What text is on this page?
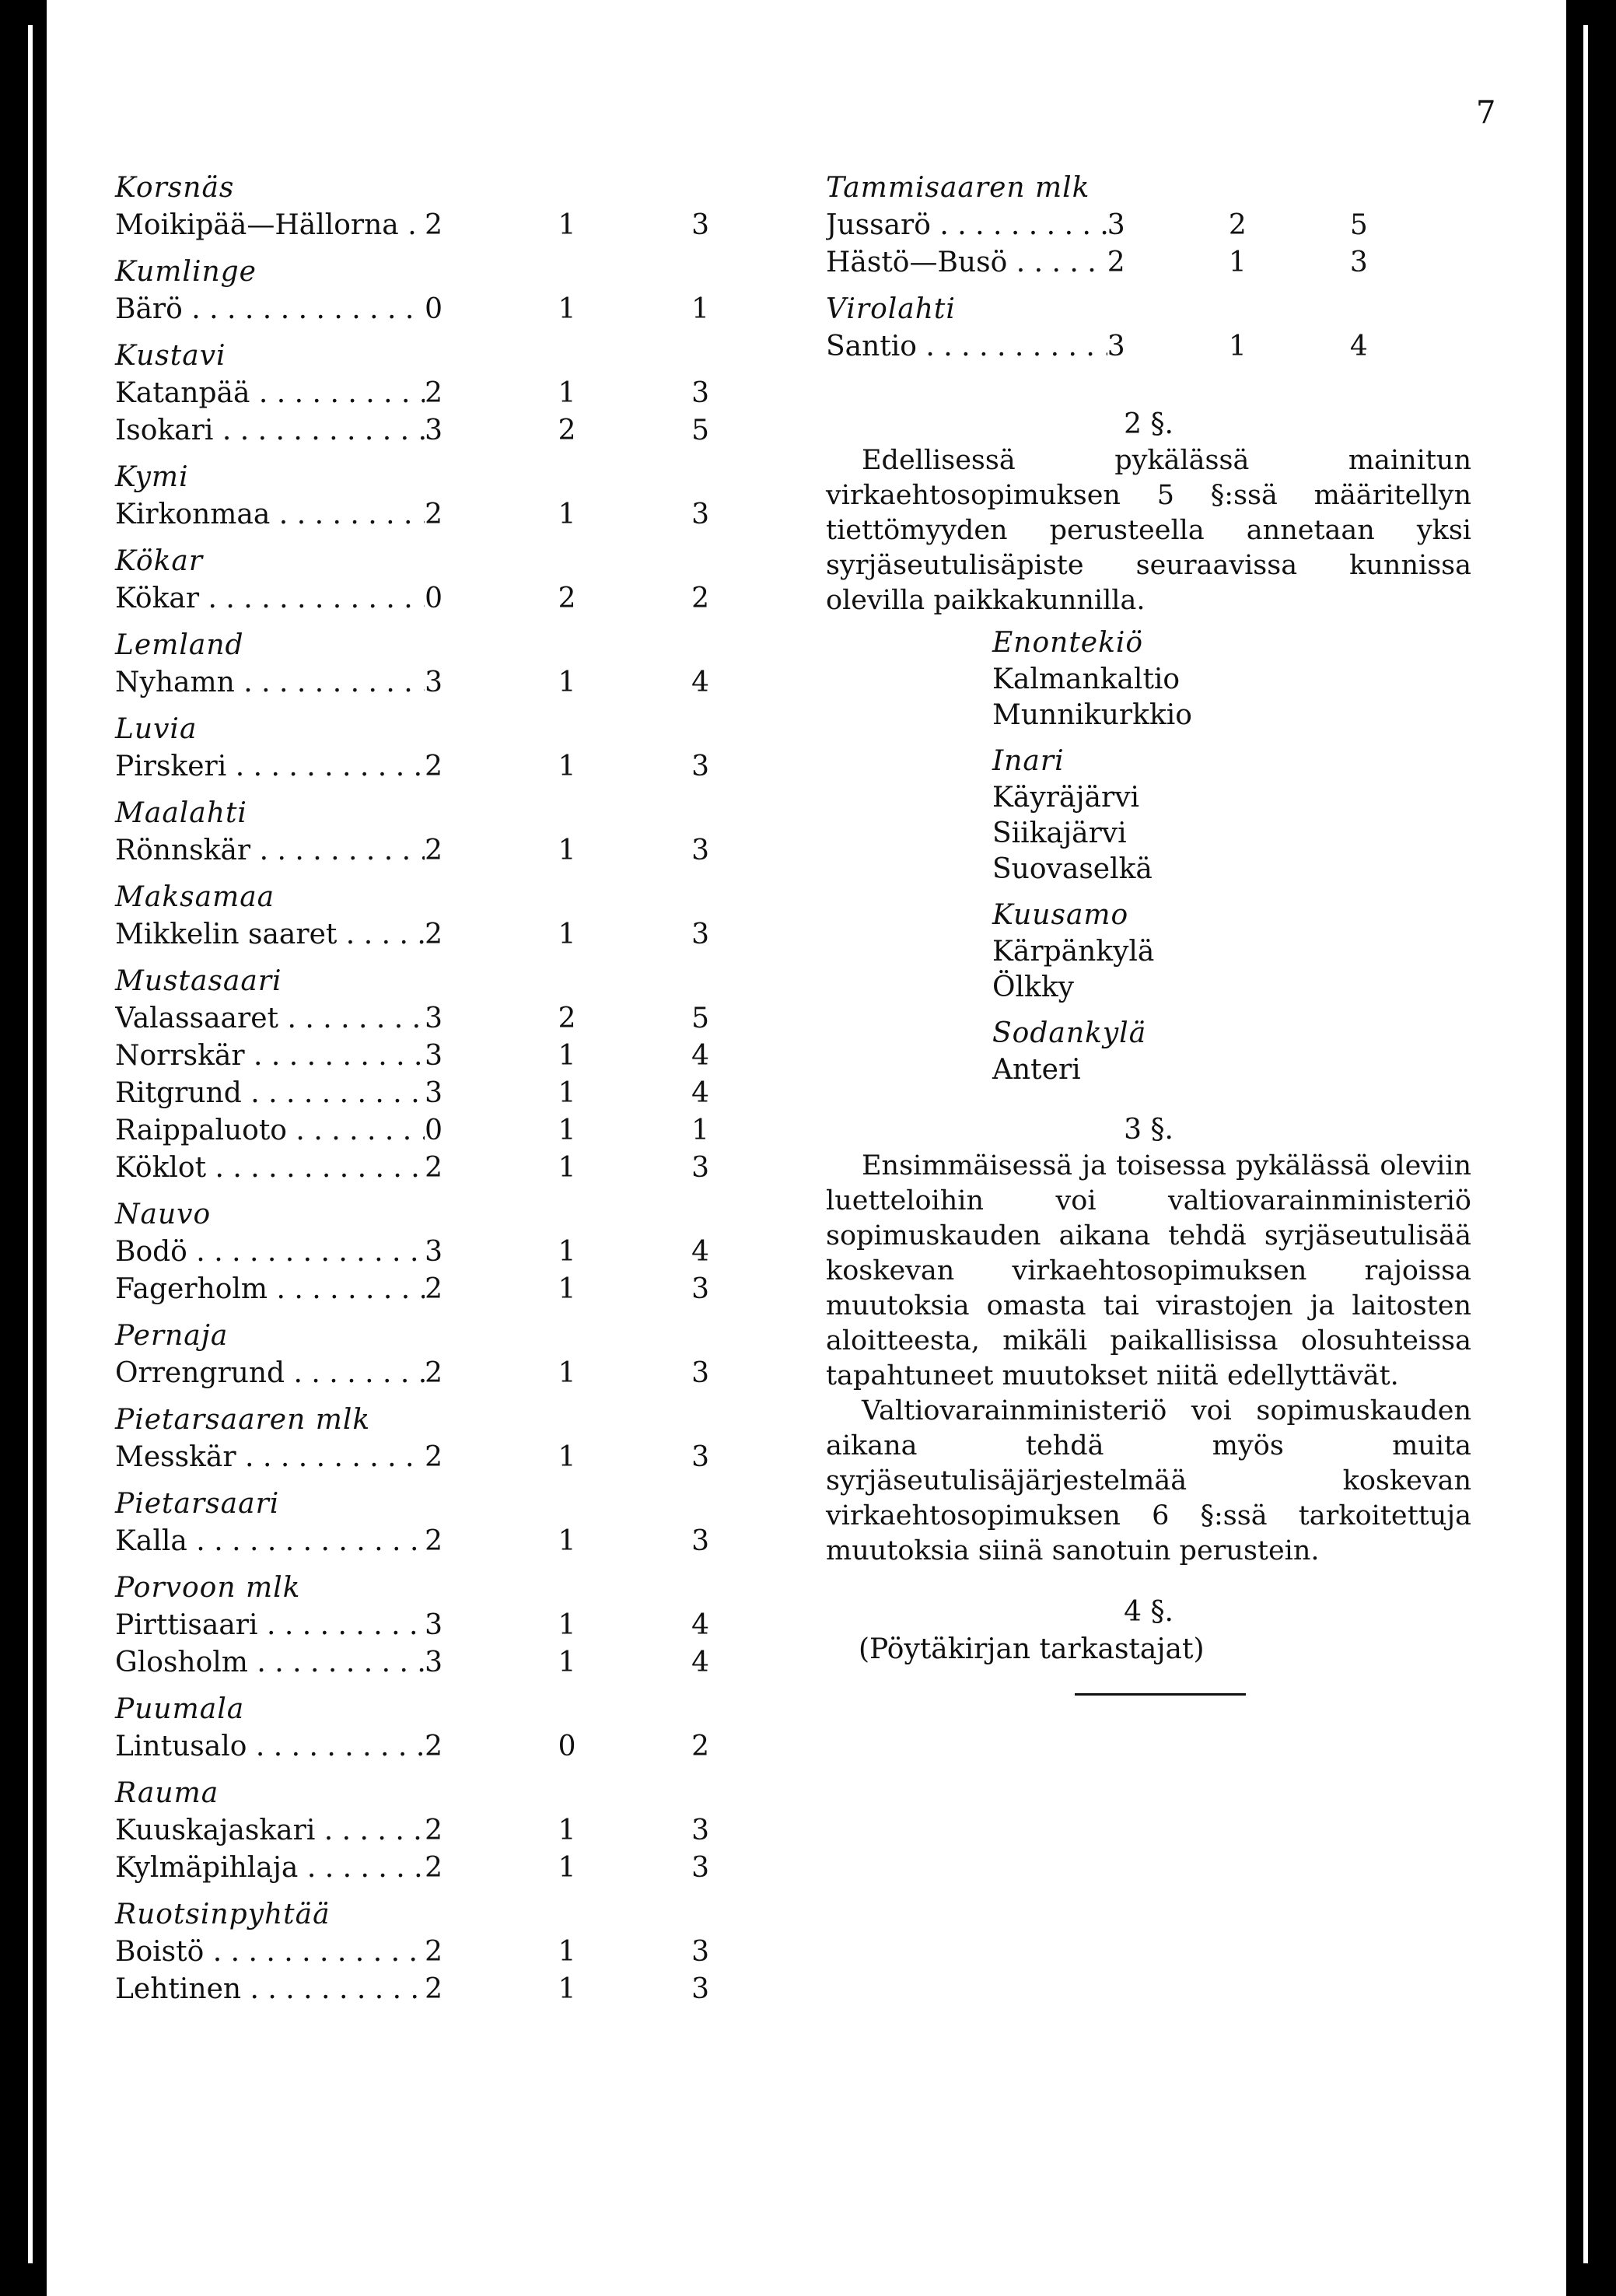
7
Korsnäs
Moikipää—Hällorna . . . 2	1	3
Kumlinge
Bärö . . .	0	1	1
Kustavi
Katanpää . . .	2	1	3
Isokari . . .	3	2	5
Kymi
Kirkonmaa . . .	2	1	3
Kökar
Kökar . . .	0	2	2
Lemland
Nyhamn . . .	3	1	4
Luvia
Pirskeri . . .	2	1	3
Maalahti
Rönnskär . . .	2	1	3
Maksamaa
Mikkelin saaret . . .	2	1	3
Mustasaari
Valassaaret . . .	3	2	5
Norrskär . . .	3	1	4
Ritgrund . . .	3	1	4
Raippaluoto . . .	0	1	1
Köklot . . .	2	1	3
Nauvo
Bodö . . .	3	1	4
Fagerholm . . .	2	1	3
Pernaja
Orrengrund . . .	2	1	3
Pietarsaaren mlk
Messkär . . .	2	1	3
Pietarsaari
Kalla . . .	2	1	3
Porvoon mlk
Pirttisaari . . .	3	1	4
Glosholm . . .	3	1	4
Puumala
Lintusalo . . .	2	0	2
Rauma
Kuuskajaskari . . .	2	1	3
Kylmäpihlaja . . .	2	1	3
Ruotsinpyhtää
Boistö . . .	2	1	3
Lehtinen . . .	2	1	3
Tammisaaren mlk
Jussarö . . .	3	2	5
Hästö—Busö . . .	2	1	3
Virolahti
Santio . . .	3	1	4
2 §.

Edellisessä pykälässä mainitun virkaehtosopimuksen 5 §:ssä määritellyn tiettömyyden perusteella annetaan yksi syrjäseutulisäpiste seuraavissa kunnissa olevilla paikkakunnilla.

Enontekiö
Kalmankaltio
Munnikurkkio
Inari
Käyräjärvi
Siikajärvi
Suovaselkä
Kuusamo
Kärpänkylä
Ölkky
Sodankylä
Anteri
3 §.

Ensimmäisessä ja toisessa pykälässä oleviin luetteloihin voi valtiovarainministeriö sopimuskauden aikana tehdä syrjäseutulisää koskevan virkaehtosopimuksen rajoissa muutoksia omasta tai virastojen ja laitosten aloitteesta, mikäli paikallisissa olosuhteissa tapahtuneet muutokset niitä edellyttävät.

Valtiovarainministeriö voi sopimuskauden aikana tehdä myös muita syrjäseutulisäjärjestelmää koskevan virkaehtosopimuksen 6 §:ssä tarkoitettuja muutoksia siinä sanotuin perustein.

4 §.
(Pöytäkirjan tarkastajat)
